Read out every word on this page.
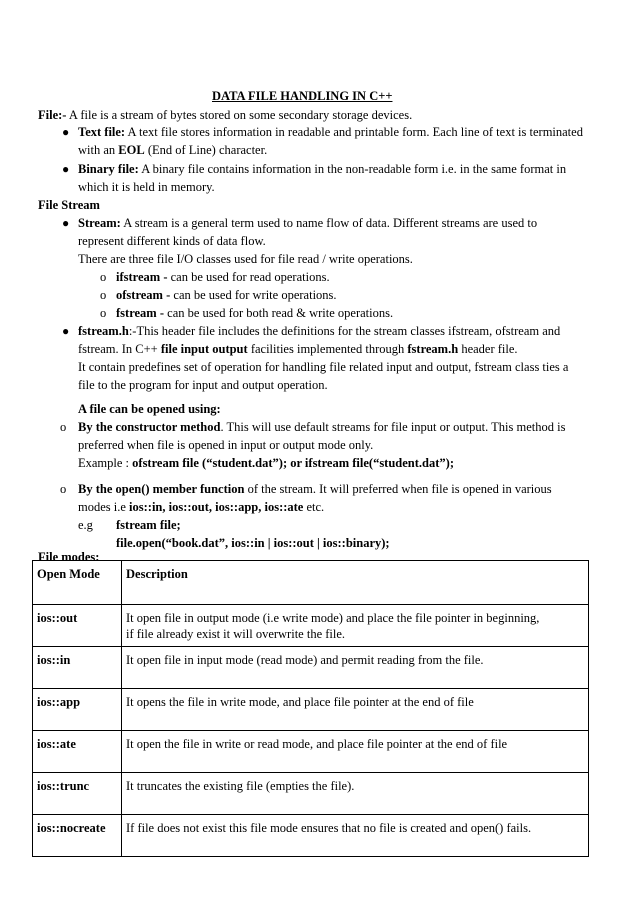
DATA FILE HANDLING IN C++
File:- A file is a stream of bytes stored on some secondary storage devices.
● Text file: A text file stores information in readable and printable form. Each line of text is terminated
with an EOL (End of Line) character.
● Binary file: A binary file contains information in the non-readable form i.e. in the same format in
which it is held in memory.
File Stream
● Stream: A stream is a general term used to name flow of data. Different streams are used to
represent different kinds of data flow.
There are three file I/O classes used for file read / write operations.
o ifstream - can be used for read operations.
o ofstream - can be used for write operations.
o fstream - can be used for both read & write operations.
● fstream.h:-This header file includes the definitions for the stream classes ifstream, ofstream and
fstream. In C++ file input output facilities implemented through fstream.h header file.
It contain predefines set of operation for handling file related input and output, fstream class ties a
file to the program for input and output operation.
A file can be opened using:
o By the constructor method. This will use default streams for file input or output. This method is
preferred when file is opened in input or output mode only.
Example : ofstream file (“student.dat”); or ifstream file(“student.dat”);
o By the open() member function of the stream. It will preferred when file is opened in various
modes i.e ios::in, ios::out, ios::app, ios::ate etc.
e.g fstream file;
file.open(“book.dat”, ios::in | ios::out | ios::binary);
File modes:
Open Mode	Description
ios::out	It open file in output mode (i.e write mode) and place the file pointer in beginning,
if file already exist it will overwrite the file.

ios::in	It open file in input mode (read mode) and permit reading from the file.
ios::app	It opens the file in write mode, and place file pointer at the end of file
ios::ate	It open the file in write or read mode, and place file pointer at the end of file
ios::trunc	It truncates the existing file (empties the file).
ios::nocreate	If file does not exist this file mode ensures that no file is created and open() fails.
